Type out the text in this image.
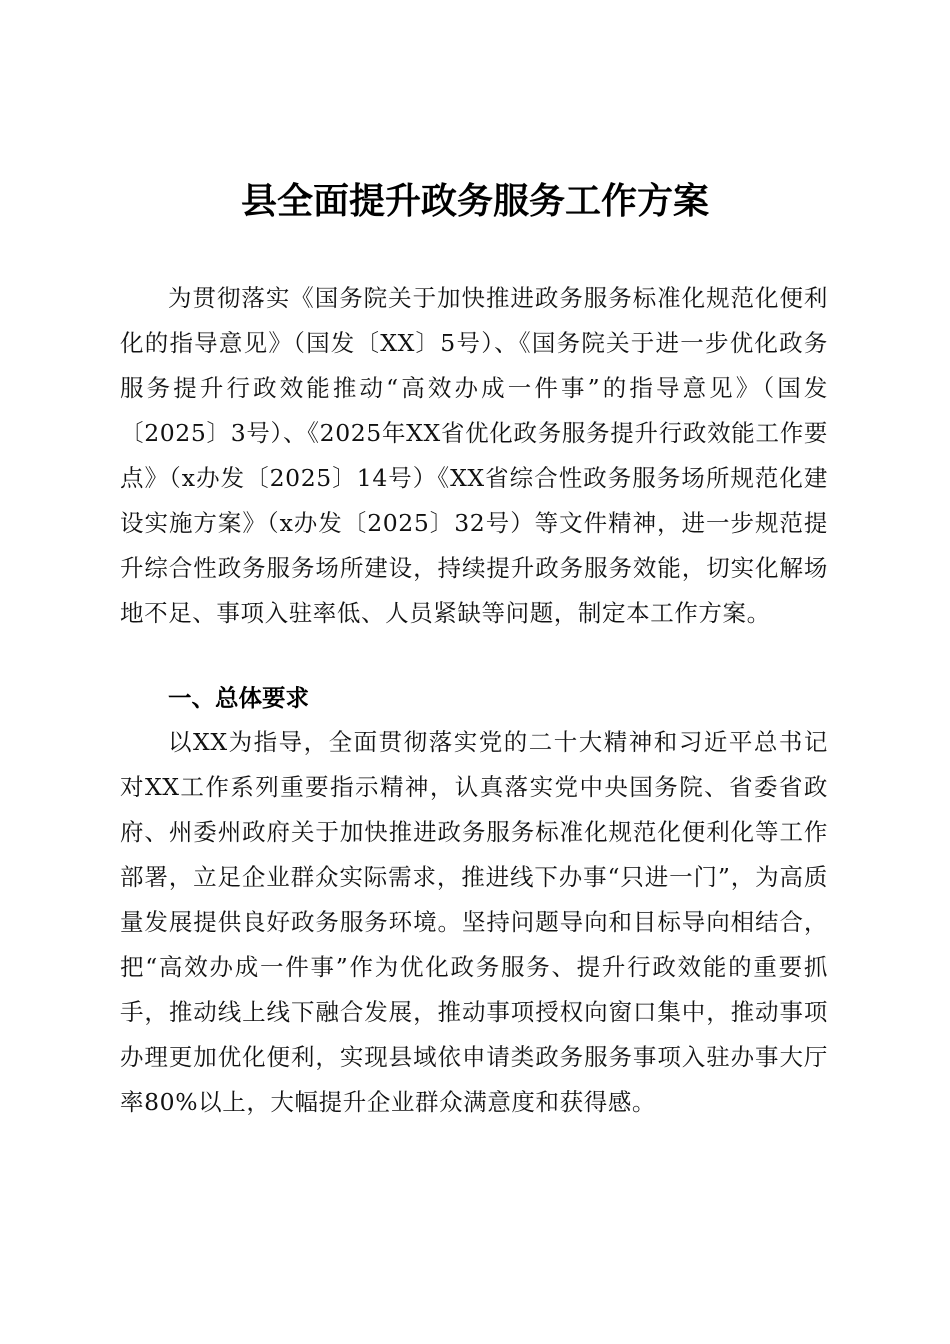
县全面提升政务服务工作方案

为贯彻落实《国务院关于加快推进政务服务标准化规范化便利化的指导意见》（国发〔XX〕5号）、《国务院关于进一步优化政务服务提升行政效能推动“高效办成一件事”的指导意见》（国发〔2025〕3号）、《2025年XX省优化政务服务提升行政效能工作要点》（x办发〔2025〕14号）《XX省综合性政务服务场所规范化建设实施方案》（x办发〔2025〕32号）等文件精神，进一步规范提升综合性政务服务场所建设，持续提升政务服务效能，切实化解场地不足、事项入驻率低、人员紧缺等问题，制定本工作方案。

一、总体要求

以XX为指导，全面贯彻落实党的二十大精神和习近平总书记对XX工作系列重要指示精神，认真落实党中央国务院、省委省政府、州委州政府关于加快推进政务服务标准化规范化便利化等工作部署，立足企业群众实际需求，推进线下办事“只进一门”，为高质量发展提供良好政务服务环境。坚持问题导向和目标导向相结合，把“高效办成一件事”作为优化政务服务、提升行政效能的重要抓手，推动线上线下融合发展，推动事项授权向窗口集中，推动事项办理更加优化便利，实现县域依申请类政务服务事项入驻办事大厅率80%以上，大幅提升企业群众满意度和获得感。
